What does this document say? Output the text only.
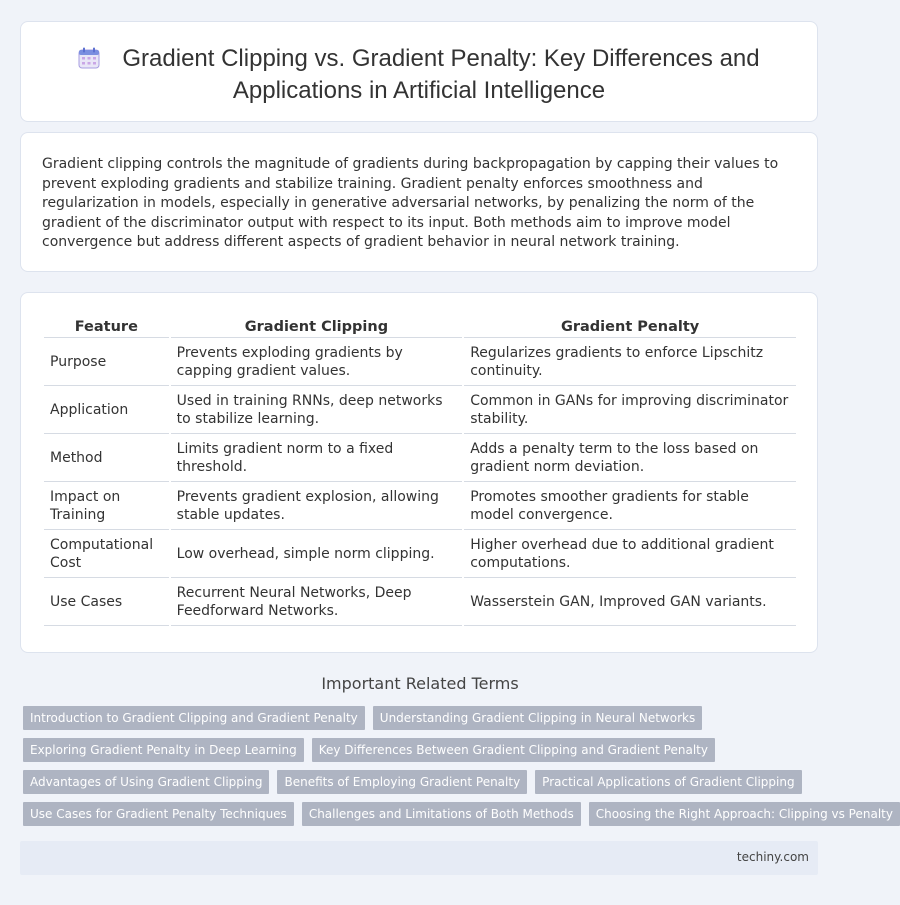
Gradient Clipping vs. Gradient Penalty: Key Differences and
Applications in Artificial Intelligence
Gradient clipping controls the magnitude of gradients during backpropagation by capping their values to prevent exploding gradients and stabilize training. Gradient penalty enforces smoothness and regularization in models, especially in generative adversarial networks, by penalizing the norm of the gradient of the discriminator output with respect to its input. Both methods aim to improve model convergence but address different aspects of gradient behavior in neural network training.
Feature	Gradient Clipping	Gradient Penalty
Purpose	Prevents exploding gradients by capping gradient values.	Regularizes gradients to enforce Lipschitz continuity.
Application	Used in training RNNs, deep networks to stabilize learning.	Common in GANs for improving discriminator stability.
Method	Limits gradient norm to a fixed threshold.	Adds a penalty term to the loss based on gradient norm deviation.
Impact on Training	Prevents gradient explosion, allowing stable updates.	Promotes smoother gradients for stable model convergence.
Computational Cost	Low overhead, simple norm clipping.	Higher overhead due to additional gradient computations.
Use Cases	Recurrent Neural Networks, Deep Feedforward Networks.	Wasserstein GAN, Improved GAN variants.
Important Related Terms
Introduction to Gradient Clipping and Gradient Penalty	Understanding Gradient Clipping in Neural Networks
Exploring Gradient Penalty in Deep Learning	Key Differences Between Gradient Clipping and Gradient Penalty
Advantages of Using Gradient Clipping	Benefits of Employing Gradient Penalty	Practical Applications of Gradient Clipping
Use Cases for Gradient Penalty Techniques	Challenges and Limitations of Both Methods	Choosing the Right Approach: Clipping vs Penalty
techiny.com
